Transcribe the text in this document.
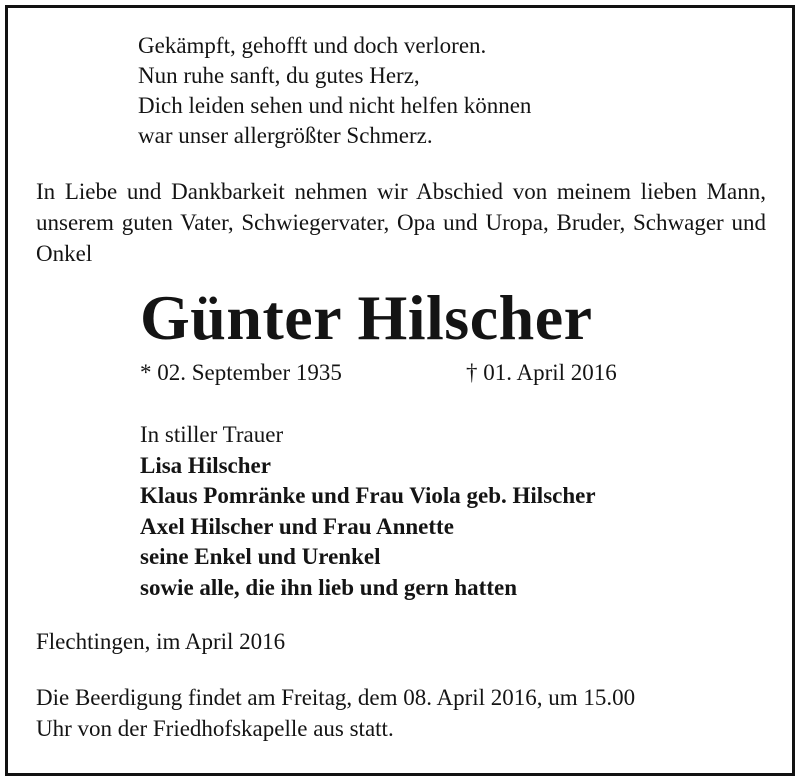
Gekämpft, gehofft und doch verloren.
Nun ruhe sanft, du gutes Herz,
Dich leiden sehen und nicht helfen können
war unser allergrößter Schmerz.
In Liebe und Dankbarkeit nehmen wir Abschied von meinem lieben Mann, unserem guten Vater, Schwiegervater, Opa und Uropa, Bruder, Schwager und Onkel
Günter Hilscher
* 02. September 1935	† 01. April 2016
In stiller Trauer
Lisa Hilscher
Klaus Pomränke und Frau Viola geb. Hilscher
Axel Hilscher und Frau Annette
seine Enkel und Urenkel
sowie alle, die ihn lieb und gern hatten
Flechtingen, im April 2016
Die Beerdigung findet am Freitag, dem 08. April 2016, um 15.00
Uhr von der Friedhofskapelle aus statt.
